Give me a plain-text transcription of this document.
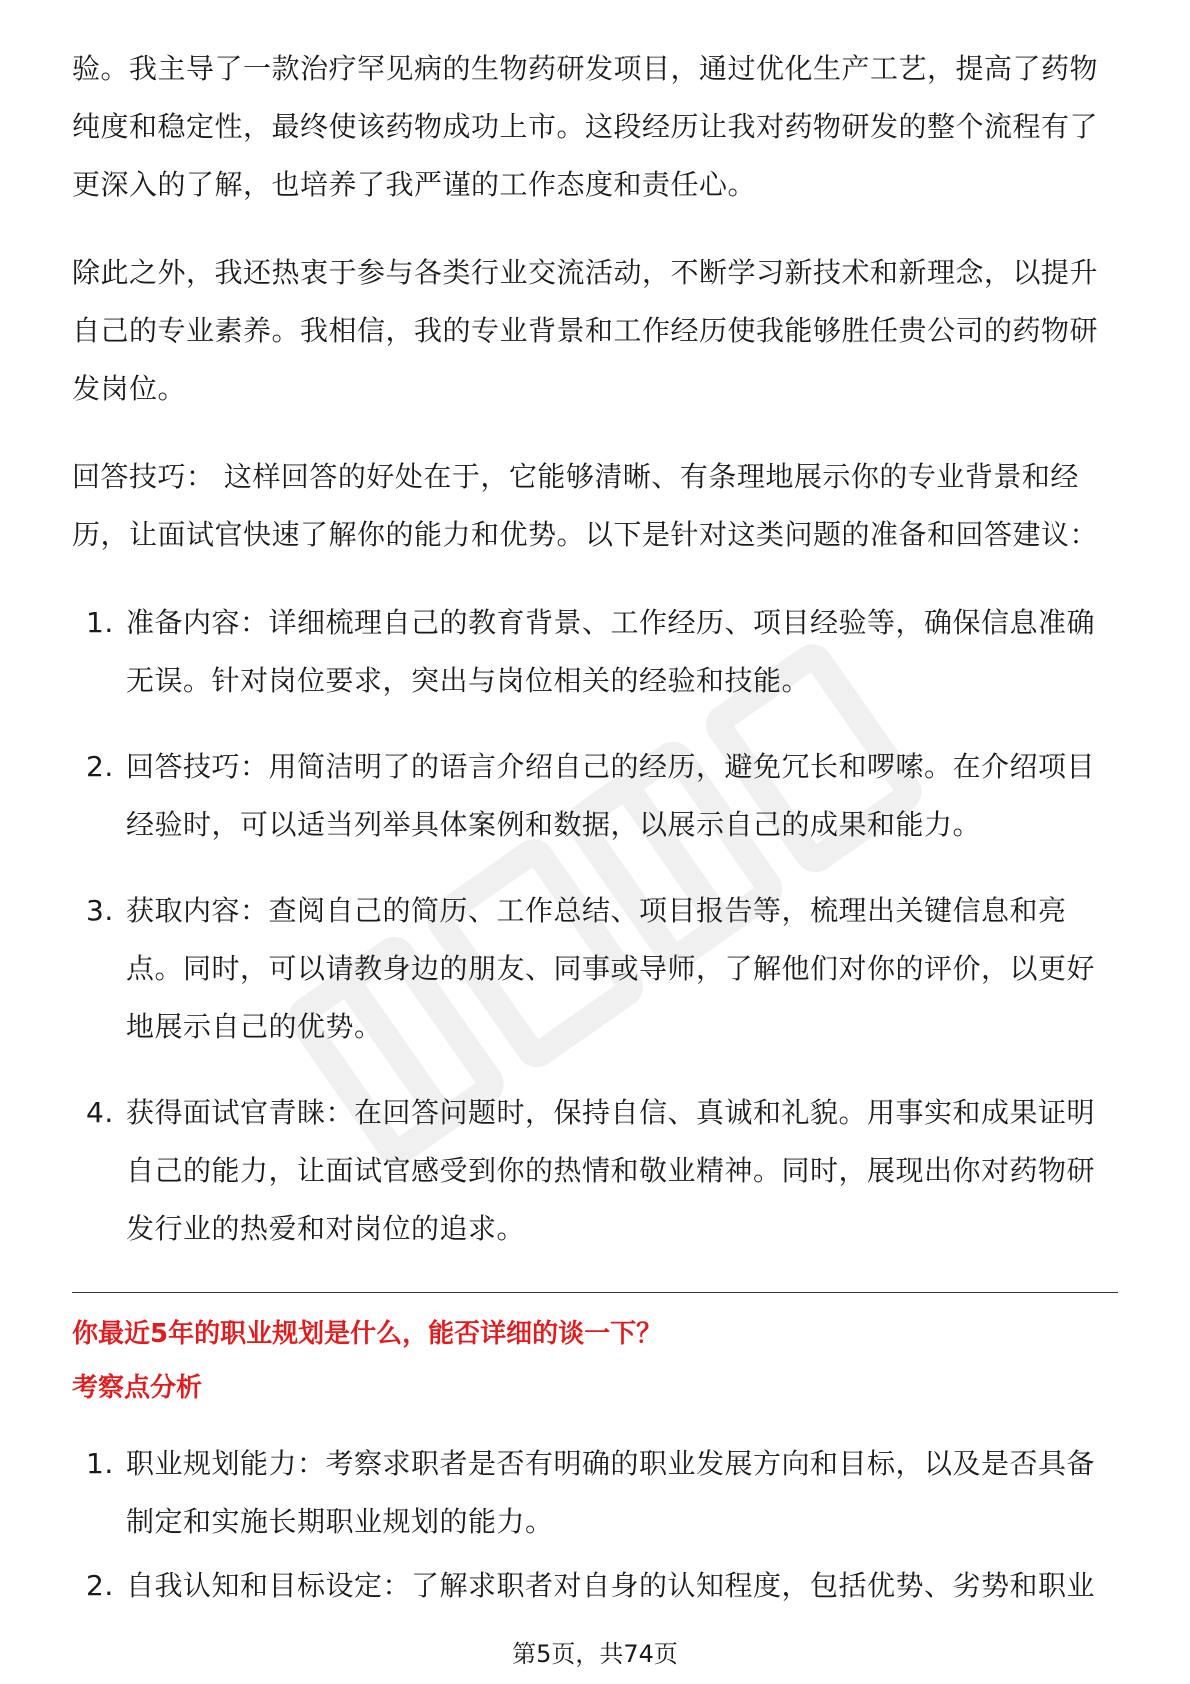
验。我主导了一款治疗罕见病的生物药研发项目，通过优化生产工艺，提高了药物纯度和稳定性，最终使该药物成功上市。这段经历让我对药物研发的整个流程有了更深入的了解，也培养了我严谨的工作态度和责任心。

除此之外，我还热衷于参与各类行业交流活动，不断学习新技术和新理念，以提升自己的专业素养。我相信，我的专业背景和工作经历使我能够胜任贵公司的药物研发岗位。

回答技巧： 这样回答的好处在于，它能够清晰、有条理地展示你的专业背景和经历，让面试官快速了解你的能力和优势。以下是针对这类问题的准备和回答建议：

1. 准备内容：详细梳理自己的教育背景、工作经历、项目经验等，确保信息准确无误。针对岗位要求，突出与岗位相关的经验和技能。
2. 回答技巧：用简洁明了的语言介绍自己的经历，避免冗长和啰嗦。在介绍项目经验时，可以适当列举具体案例和数据，以展示自己的成果和能力。
3. 获取内容：查阅自己的简历、工作总结、项目报告等，梳理出关键信息和亮点。同时，可以请教身边的朋友、同事或导师，了解他们对你的评价，以更好地展示自己的优势。
4. 获得面试官青睐：在回答问题时，保持自信、真诚和礼貌。用事实和成果证明自己的能力，让面试官感受到你的热情和敬业精神。同时，展现出你对药物研发行业的热爱和对岗位的追求。
你最近5年的职业规划是什么，能否详细的谈一下？
考察点分析
1. 职业规划能力：考察求职者是否有明确的职业发展方向和目标，以及是否具备制定和实施长期职业规划的能力。
2. 自我认知和目标设定：了解求职者对自身的认知程度，包括优势、劣势和职业
第5页，共74页
